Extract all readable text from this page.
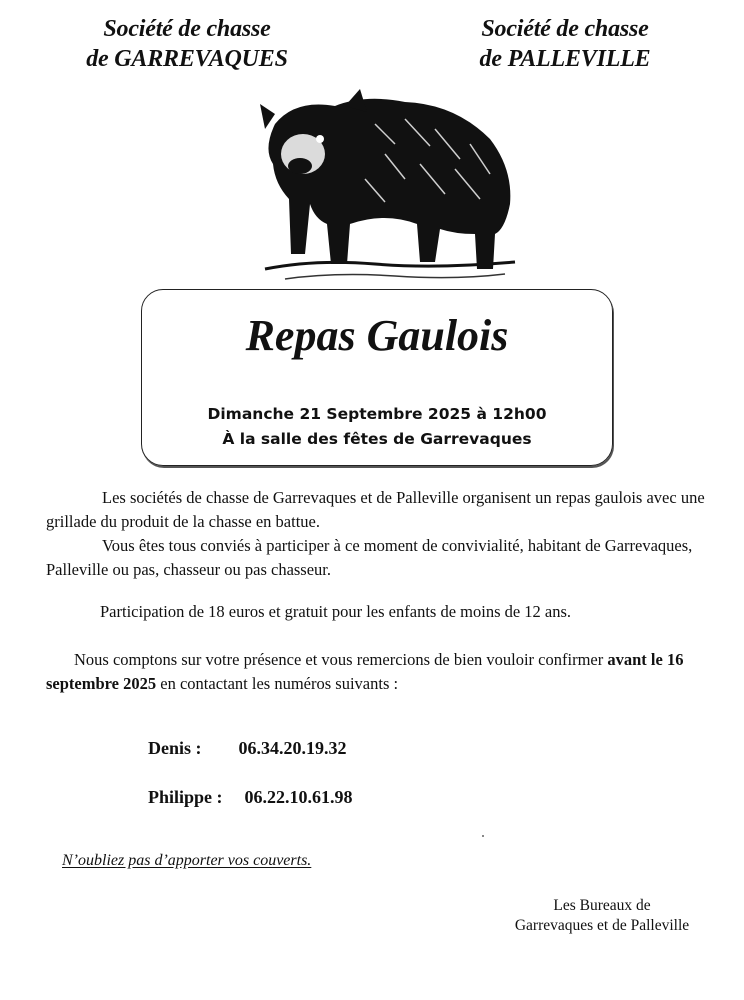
Société de chasse
de GARREVAQUES
Société de chasse
de PALLEVILLE
Repas Gaulois
Dimanche 21 Septembre 2025 à 12h00
À la salle des fêtes de Garrevaques
Les sociétés de chasse de Garrevaques et de Palleville organisent un repas gaulois avec une grillade du produit de la chasse en battue.
Vous êtes tous conviés à participer à ce moment de convivialité, habitant de Garrevaques, Palleville ou pas, chasseur ou pas chasseur.
Participation de 18 euros et gratuit pour les enfants de moins de 12 ans.
Nous comptons sur votre présence et vous remercions de bien vouloir confirmer avant le 16 septembre 2025 en contactant les numéros suivants :
Denis : 06.34.20.19.32
Philippe : 06.22.10.61.98
N’oubliez pas d’apporter vos couverts.
Les Bureaux de
Garrevaques et de Palleville
